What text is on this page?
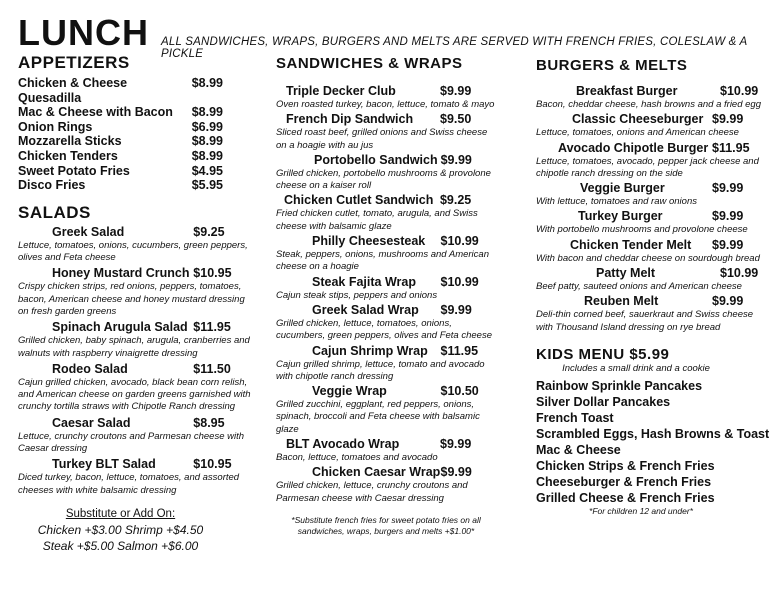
LUNCH ALL SANDWICHES, WRAPS, BURGERS AND MELTS ARE SERVED WITH FRENCH FRIES, COLESLAW & A PICKLE
APPETIZERS
Chicken & Cheese Quesadilla
$8.99
Mac & Cheese with Bacon $8.99
Onion Rings	$6.99
Mozzarella Sticks	$8.99
Chicken Tenders	$8.99
Sweet Potato Fries	$4.95
Disco Fries	$5.95
SALADS
Greek Salad	$9.25
Lettuce, tomatoes, onions, cucumbers, green peppers, olives and Feta cheese
Honey Mustard Crunch $10.95
Crispy chicken strips, red onions, peppers, tomatoes, bacon, American cheese and honey mustard dressing on fresh garden greens
Spinach Arugula Salad $11.95
Grilled chicken, baby spinach, arugula, cranberries and walnuts with raspberry vinaigrette dressing
Rodeo Salad	$11.50
Cajun grilled chicken, avocado, black bean corn relish, and American cheese on garden greens garnished with crunchy tortilla straws with Chipotle Ranch dressing
Caesar Salad	$8.95
Lettuce, crunchy croutons and Parmesan cheese with Caesar dressing
Turkey BLT Salad	$10.95
Diced turkey, bacon, lettuce, tomatoes, and assorted cheeses with white balsamic dressing
Substitute or Add On:
Chicken +$3.00 Shrimp +$4.50
Steak +$5.00 Salmon +$6.00
SANDWICHES & WRAPS
Triple Decker Club	$9.99
Oven roasted turkey, bacon, lettuce, tomato & mayo
French Dip Sandwich	$9.50
Sliced roast beef, grilled onions and Swiss cheese on a hoagie with au jus
Portobello Sandwich $9.99
Grilled chicken, portobello mushrooms & provolone cheese on a kaiser roll
Chicken Cutlet Sandwich $9.25
Fried chicken cutlet, tomato, arugula, and Swiss cheese with balsamic glaze
Philly Cheesesteak	$10.99
Steak, peppers, onions, mushrooms and American cheese on a hoagie
Steak Fajita Wrap	$10.99
Cajun steak stips, peppers and onions
Greek Salad Wrap	$9.99
Grilled chicken, lettuce, tomatoes, onions, cucumbers, green peppers, olives and Feta cheese
Cajun Shrimp Wrap	$11.95
Cajun grilled shrimp, lettuce, tomato and avocado with chipotle ranch dressing
Veggie Wrap	$10.50
Grilled zucchini, eggplant, red peppers, onions, spinach, broccoli and Feta cheese with balsamic glaze
BLT Avocado Wrap	$9.99
Bacon, lettuce, tomatoes and avocado
Chicken Caesar Wrap $9.99
Grilled chicken, lettuce, crunchy croutons and Parmesan cheese with Caesar dressing
*Substitute french fries for sweet potato fries on all sandwiches, wraps, burgers and melts +$1.00*
BURGERS & MELTS
Breakfast Burger	$10.99
Bacon, cheddar cheese, hash browns and a fried egg
Classic Cheeseburger $9.99
Lettuce, tomatoes, onions and American cheese
Avocado Chipotle Burger $11.95
Lettuce, tomatoes, avocado, pepper jack cheese and chipotle ranch dressing on the side
Veggie Burger	$9.99
With lettuce, tomatoes and raw onions
Turkey Burger	$9.99
With portobello mushrooms and provolone cheese
Chicken Tender Melt	$9.99
With bacon and cheddar cheese on sourdough bread
Patty Melt	$10.99
Beef patty, sauteed onions and American cheese
Reuben Melt	$9.99
Deli-thin corned beef, sauerkraut and Swiss cheese with Thousand Island dressing on rye bread
KIDS MENU $5.99
Includes a small drink and a cookie
Rainbow Sprinkle Pancakes
Silver Dollar Pancakes
French Toast
Scrambled Eggs, Hash Browns & Toast
Mac & Cheese
Chicken Strips & French Fries
Cheeseburger & French Fries
Grilled Cheese & French Fries
*For children 12 and under*
